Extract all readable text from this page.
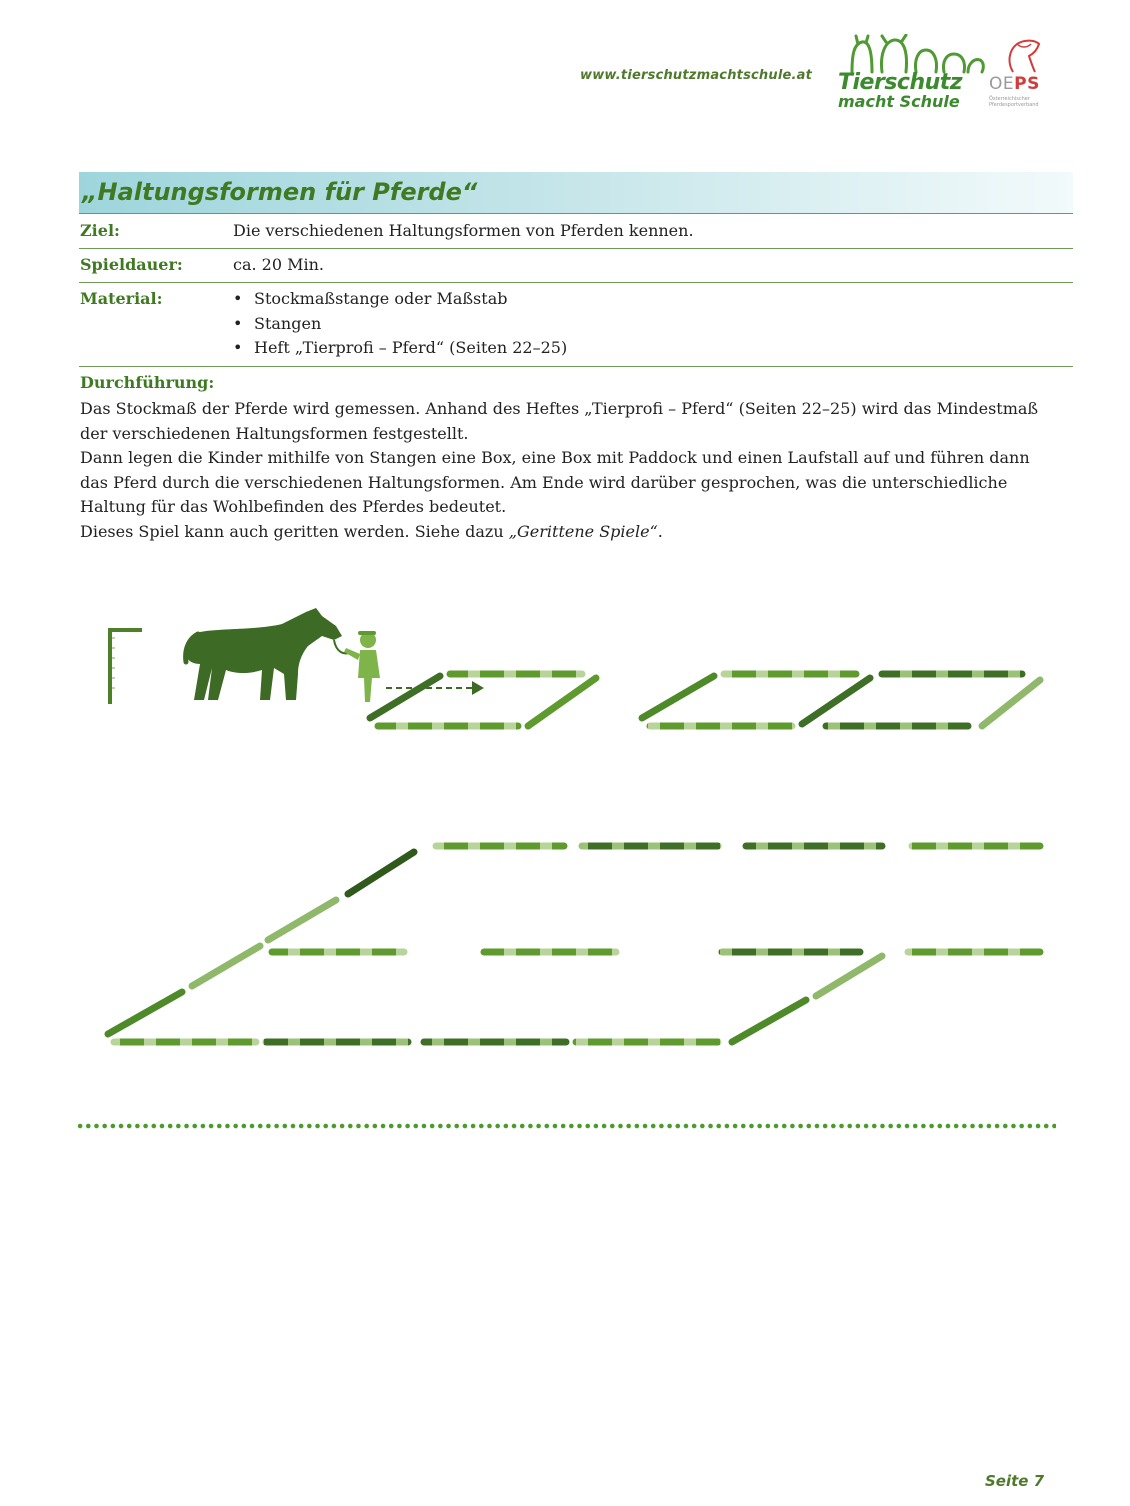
www.tierschutzmachtschule.at Tierschutz
macht Schule
OEPS
Österreichischer
Pferdesportverband
„Haltungsformen für Pferde“
Ziel:	Die verschiedenen Haltungsformen von Pferden kennen.
Spieldauer:	ca. 20 Min.
Material:
•	Stockmaßstange oder Maßstab
• Stangen
• Heft „Tierprofi – Pferd“ (Seiten 22–25)
Durchführung:

Das Stockmaß der Pferde wird gemessen. Anhand des Heftes „Tierprofi – Pferd“ (Seiten 22–25) wird das Mindestmaß der verschiedenen Haltungsformen festgestellt.

Dann legen die Kinder mithilfe von Stangen eine Box, eine Box mit Paddock und einen Laufstall auf und führen dann das Pferd durch die verschiedenen Haltungsformen. Am Ende wird darüber gesprochen, was die unterschiedliche Haltung für das Wohlbefinden des Pferdes bedeutet.

Dieses Spiel kann auch geritten werden. Siehe dazu „Gerittene Spiele“.

Seite 7
